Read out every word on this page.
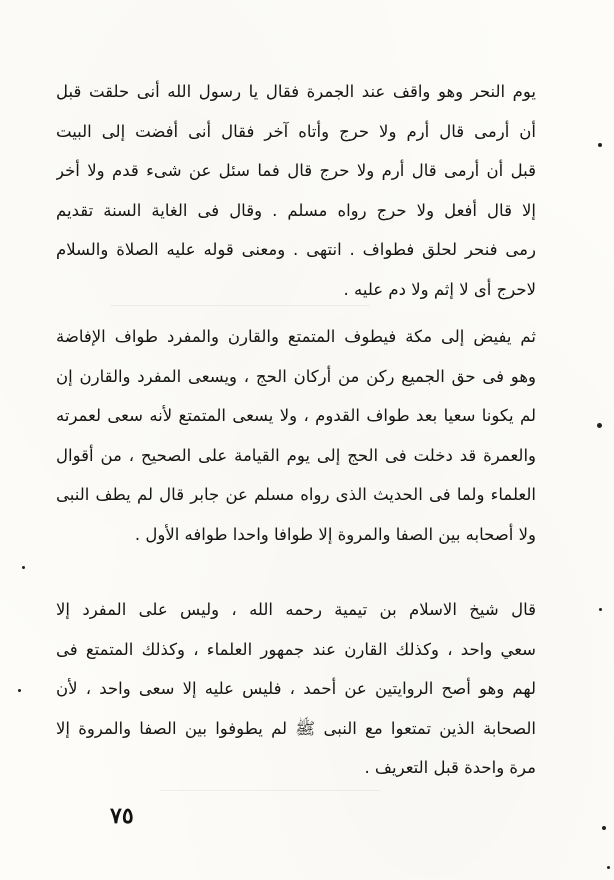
يوم النحر وهو واقف عند الجمرة فقال يا رسول الله أنى حلقت قبل
أن أرمى قال أرم ولا حرج وأتاه آخر فقال أنى أفضت إلى البيت
قبل أن أرمى قال أرم ولا حرج قال فما سئل عن شىء قدم ولا أخر
إلا قال أفعل ولا حرج رواه مسلم . وقال فى الغاية السنة تقديم
رمى فنحر لحلق فطواف . انتهى . ومعنى قوله عليه الصلاة والسلام
لاحرج أى لا إثم ولا دم عليه .
ثم يفيض إلى مكة فيطوف المتمتع والقارن والمفرد طواف الإفاضة
وهو فى حق الجميع ركن من أركان الحج ، ويسعى المفرد والقارن إن
لم يكونا سعيا بعد طواف القدوم ، ولا يسعى المتمتع لأنه سعى لعمرته
والعمرة قد دخلت فى الحج إلى يوم القيامة على الصحيح ، من أقوال
العلماء ولما فى الحديث الذى رواه مسلم عن جابر قال لم يطف النبى
ولا أصحابه بين الصفا والمروة إلا طوافا واحدا طوافه الأول .
قال شيخ الاسلام بن تيمية رحمه الله ، وليس على المفرد إلا
سعي واحد ، وكذلك القارن عند جمهور العلماء ، وكذلك المتمتع فى
لهم وهو أصح الروايتين عن أحمد ، فليس عليه إلا سعى واحد ، لأن
الصحابة الذين تمتعوا مع النبى ﷺ لم يطوفوا بين الصفا والمروة إلا
مرة واحدة قبل التعريف .
٧٥
